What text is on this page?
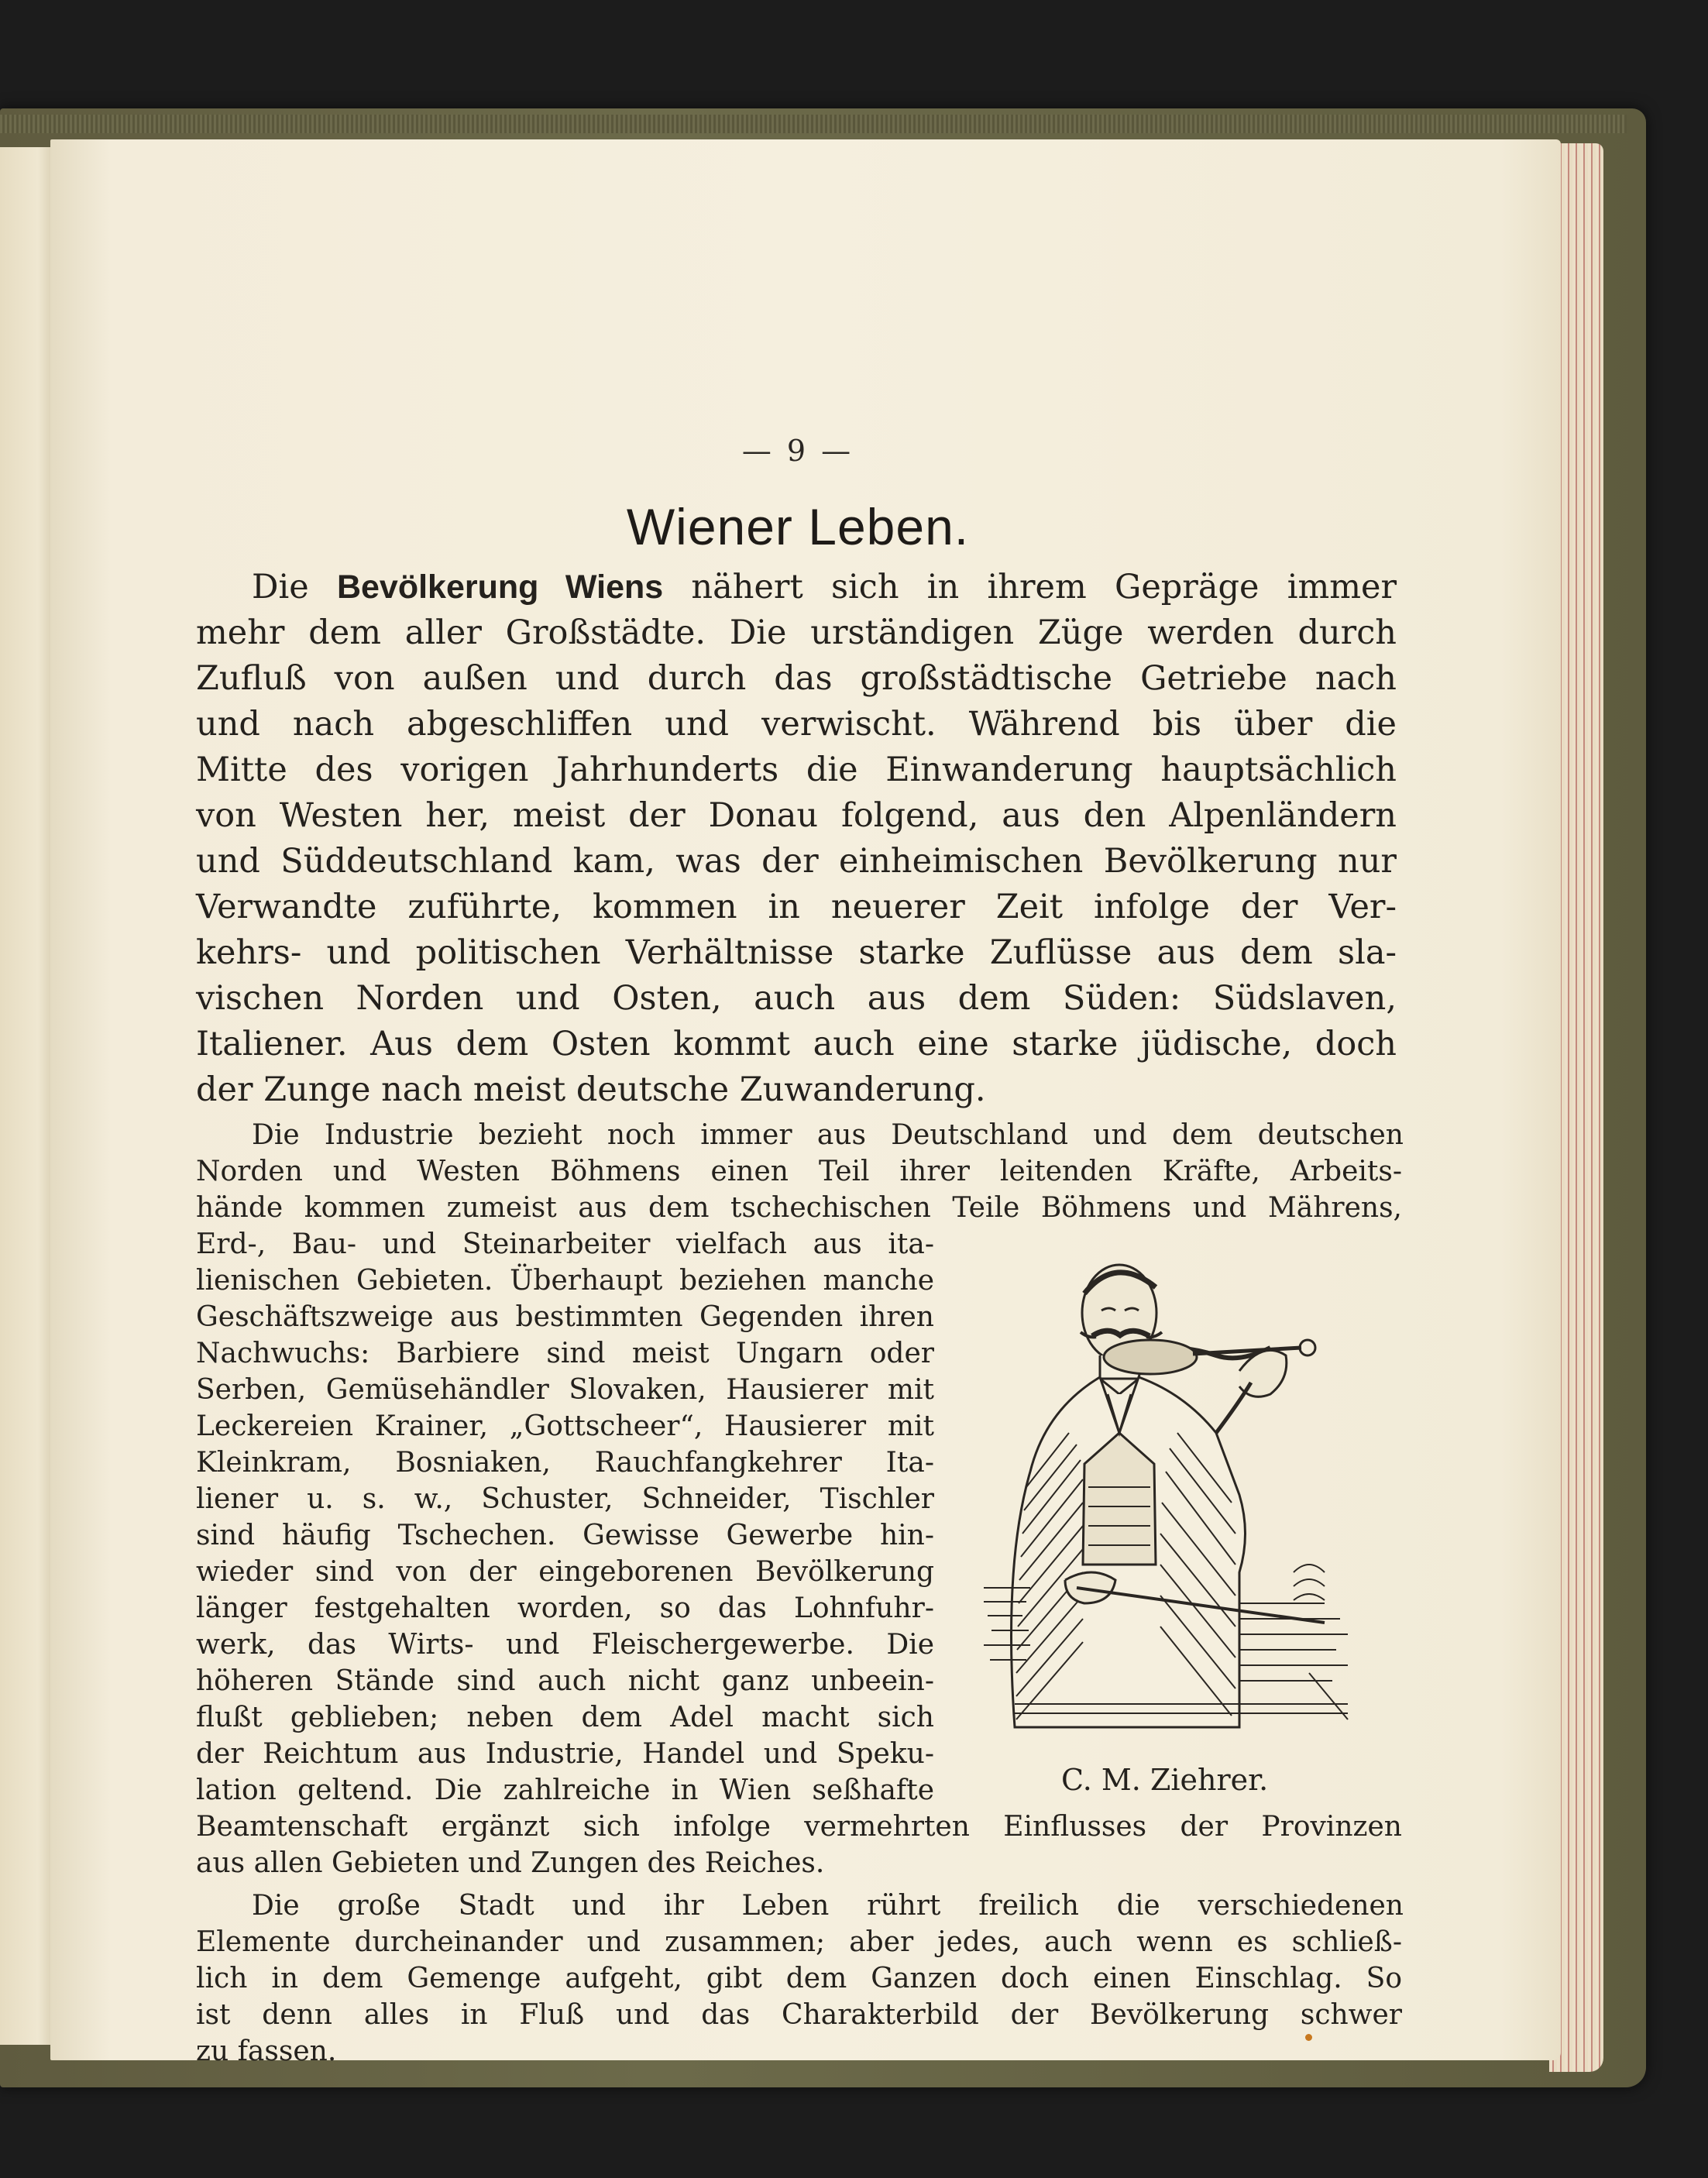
— 9 —
Wiener Leben.
Die Bevölkerung Wiens nähert sich in ihrem Gepräge immer
mehr dem aller Großstädte. Die urständigen Züge werden durch
Zufluß von außen und durch das großstädtische Getriebe nach
und nach abgeschliffen und verwischt. Während bis über die
Mitte des vorigen Jahrhunderts die Einwanderung hauptsächlich
von Westen her, meist der Donau folgend, aus den Alpenländern
und Süddeutschland kam, was der einheimischen Bevölkerung nur
Verwandte zuführte, kommen in neuerer Zeit infolge der Ver-
kehrs- und politischen Verhältnisse starke Zuflüsse aus dem sla-
vischen Norden und Osten, auch aus dem Süden: Südslaven,
Italiener. Aus dem Osten kommt auch eine starke jüdische, doch
der Zunge nach meist deutsche Zuwanderung.
Die Industrie bezieht noch immer aus Deutschland und dem deutschen
Norden und Westen Böhmens einen Teil ihrer leitenden Kräfte, Arbeits-
hände kommen zumeist aus dem tschechischen Teile Böhmens und Mährens,
Erd-, Bau- und Steinarbeiter vielfach aus ita-
lienischen Gebieten. Überhaupt beziehen manche
Geschäftszweige aus bestimmten Gegenden ihren
Nachwuchs: Barbiere sind meist Ungarn oder
Serben, Gemüsehändler Slovaken, Hausierer mit
Leckereien Krainer, „Gottscheer“, Hausierer mit
Kleinkram, Bosniaken, Rauchfangkehrer Ita-
liener u. s. w., Schuster, Schneider, Tischler
sind häufig Tschechen. Gewisse Gewerbe hin-
wieder sind von der eingeborenen Bevölkerung
länger festgehalten worden, so das Lohnfuhr-
werk, das Wirts- und Fleischergewerbe. Die
höheren Stände sind auch nicht ganz unbeein-
flußt geblieben; neben dem Adel macht sich
der Reichtum aus Industrie, Handel und Speku-
lation geltend. Die zahlreiche in Wien seßhafte
Beamtenschaft ergänzt sich infolge vermehrten Einflusses der Provinzen
aus allen Gebieten und Zungen des Reiches.
Die große Stadt und ihr Leben rührt freilich die verschiedenen
Elemente durcheinander und zusammen; aber jedes, auch wenn es schließ-
lich in dem Gemenge aufgeht, gibt dem Ganzen doch einen Einschlag. So
ist denn alles in Fluß und das Charakterbild der Bevölkerung schwer
zu fassen.
C. M. Ziehrer.
